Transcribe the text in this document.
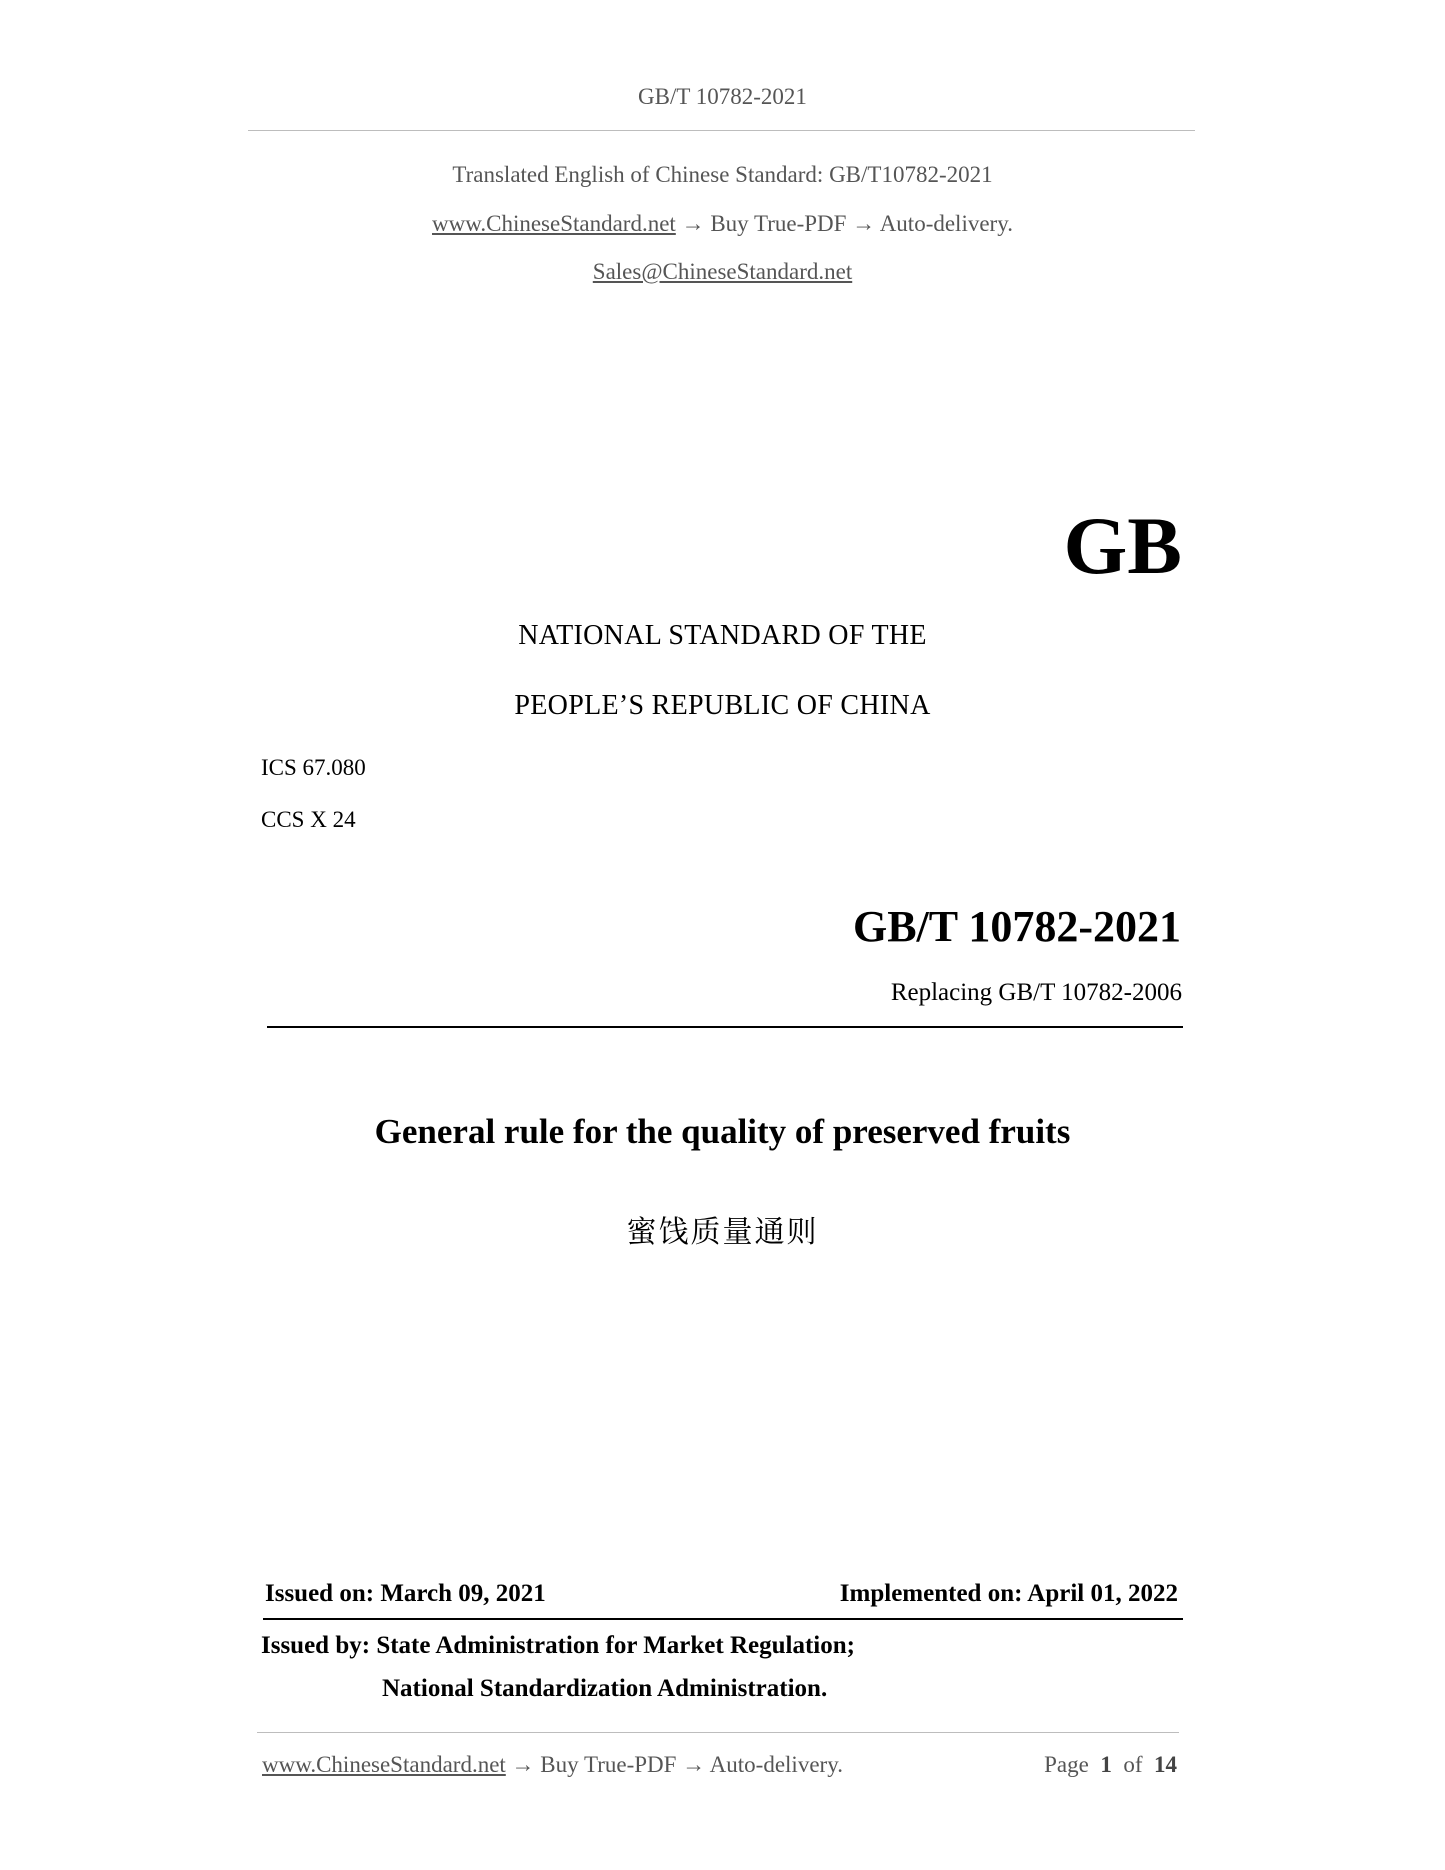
GB/T 10782-2021
Translated English of Chinese Standard: GB/T10782-2021
www.ChineseStandard.net → Buy True-PDF → Auto-delivery.
Sales@ChineseStandard.net
GB
NATIONAL STANDARD OF THE
PEOPLE’S REPUBLIC OF CHINA
ICS 67.080
CCS X 24
GB/T 10782-2021
Replacing GB/T 10782-2006
General rule for the quality of preserved fruits
蜜饯质量通则
Issued on: March 09, 2021	Implemented on: April 01, 2022
Issued by: State Administration for Market Regulation;
National Standardization Administration.
www.ChineseStandard.net → Buy True-PDF → Auto-delivery.	Page 1 of 14
